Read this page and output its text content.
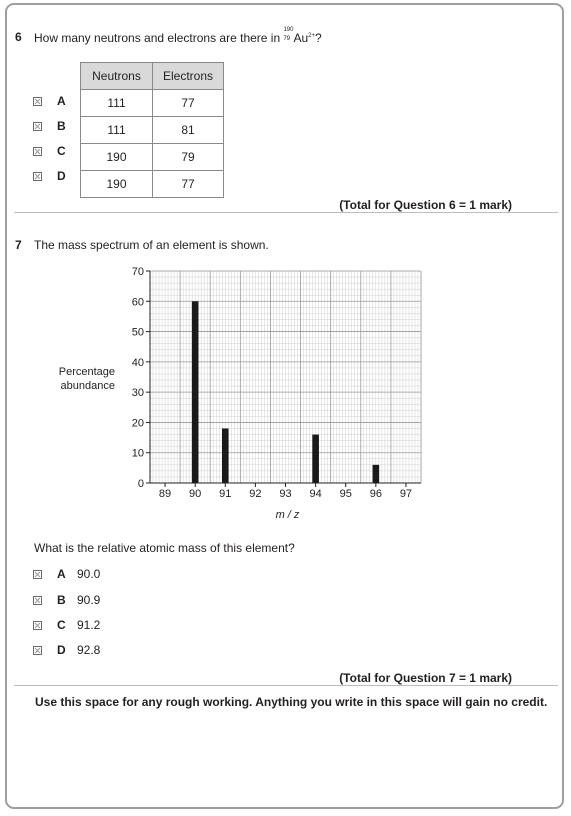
6 How many neutrons and electrons are there in
190
79 $Au^{2+}$?
Neutrons	Electrons
111	77
111	81
190	79
190	77
A
B
C
D
(Total for Question 6 = 1 mark)
7 The mass spectrum of an element is shown.
0
10
20
30
40
50
60
70
89 90 91 92 93 94 95 96 97
m / z
Percentage abundance
What is the relative atomic mass of this element?
A 90.0
B 90.9
C 91.2
D 92.8
(Total for Question 7 = 1 mark)
Use this space for any rough working. Anything you write in this space will gain no credit.
